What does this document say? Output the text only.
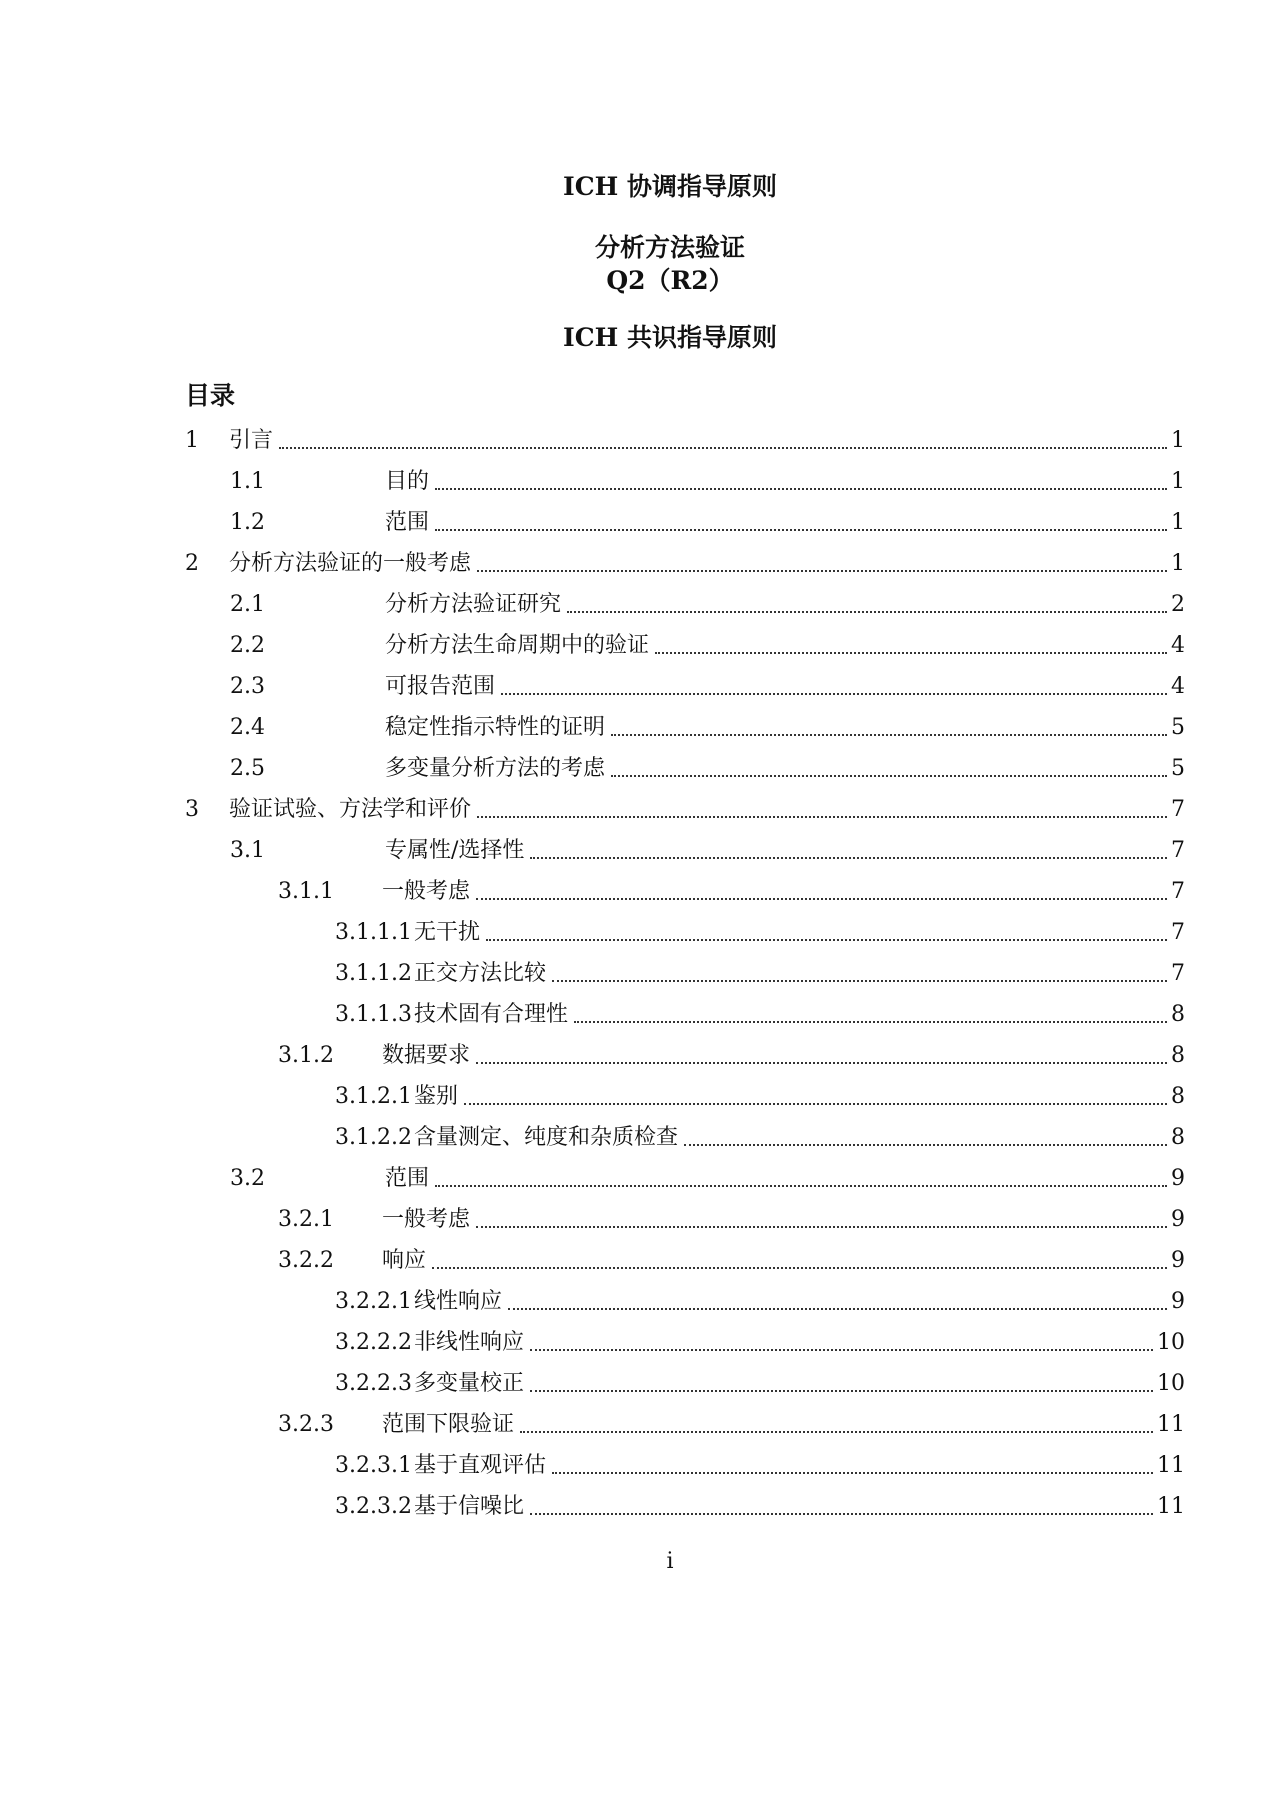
ICH 协调指导原则
分析方法验证
Q2（R2）
ICH 共识指导原则
目录
1	引言	1
1.1	目的	1
1.2	范围	1
2	分析方法验证的一般考虑	1
2.1	分析方法验证研究	2
2.2	分析方法生命周期中的验证	4
2.3	可报告范围	4
2.4	稳定性指示特性的证明	5
2.5	多变量分析方法的考虑	5
3	验证试验、方法学和评价	7
3.1	专属性/选择性	7
3.1.1	一般考虑	7
3.1.1.1 无干扰	7
3.1.1.2 正交方法比较	7
3.1.1.3 技术固有合理性	8
3.1.2	数据要求	8
3.1.2.1 鉴别	8
3.1.2.2 含量测定、纯度和杂质检查	8
3.2	范围	9
3.2.1	一般考虑	9
3.2.2	响应	9
3.2.2.1 线性响应	9
3.2.2.2 非线性响应	10
3.2.2.3 多变量校正	10
3.2.3	范围下限验证	11
3.2.3.1 基于直观评估	11
3.2.3.2 基于信噪比	11
i
